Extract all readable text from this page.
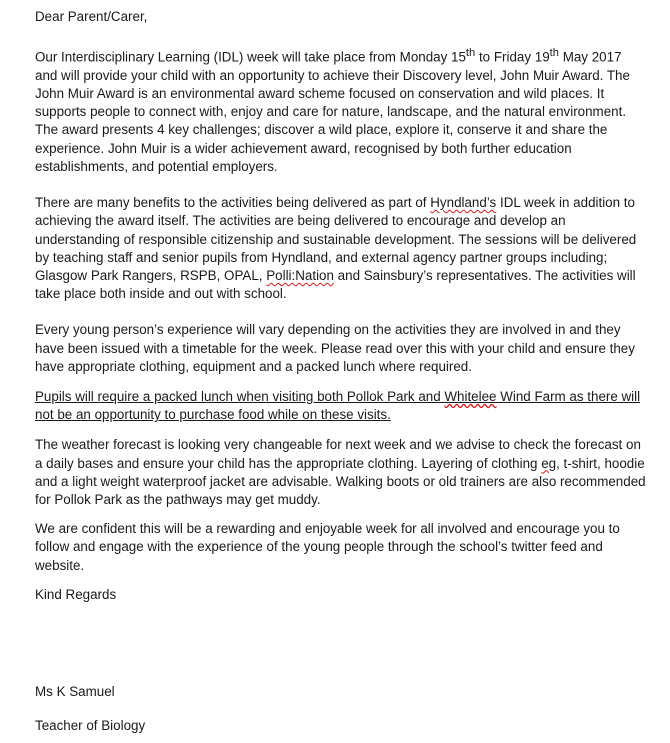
Dear Parent/Carer,

Our Interdisciplinary Learning (IDL) week will take place from Monday 15th to Friday 19th May 2017 and will provide your child with an opportunity to achieve their Discovery level, John Muir Award. The John Muir Award is an environmental award scheme focused on conservation and wild places. It supports people to connect with, enjoy and care for nature, landscape, and the natural environment. The award presents 4 key challenges; discover a wild place, explore it, conserve it and share the experience. John Muir is a wider achievement award, recognised by both further education establishments, and potential employers.

There are many benefits to the activities being delivered as part of Hyndland’s IDL week in addition to achieving the award itself. The activities are being delivered to encourage and develop an understanding of responsible citizenship and sustainable development. The sessions will be delivered by teaching staff and senior pupils from Hyndland, and external agency partner groups including; Glasgow Park Rangers, RSPB, OPAL, Polli:Nation and Sainsbury’s representatives. The activities will take place both inside and out with school.

Every young person’s experience will vary depending on the activities they are involved in and they have been issued with a timetable for the week. Please read over this with your child and ensure they have appropriate clothing, equipment and a packed lunch where required.

Pupils will require a packed lunch when visiting both Pollok Park and Whitelee Wind Farm as there will not be an opportunity to purchase food while on these visits.

The weather forecast is looking very changeable for next week and we advise to check the forecast on a daily bases and ensure your child has the appropriate clothing. Layering of clothing eg, t-shirt, hoodie and a light weight waterproof jacket are advisable. Walking boots or old trainers are also recommended for Pollok Park as the pathways may get muddy.

We are confident this will be a rewarding and enjoyable week for all involved and encourage you to follow and engage with the experience of the young people through the school’s twitter feed and website.

Kind Regards

Ms K Samuel

Teacher of Biology
